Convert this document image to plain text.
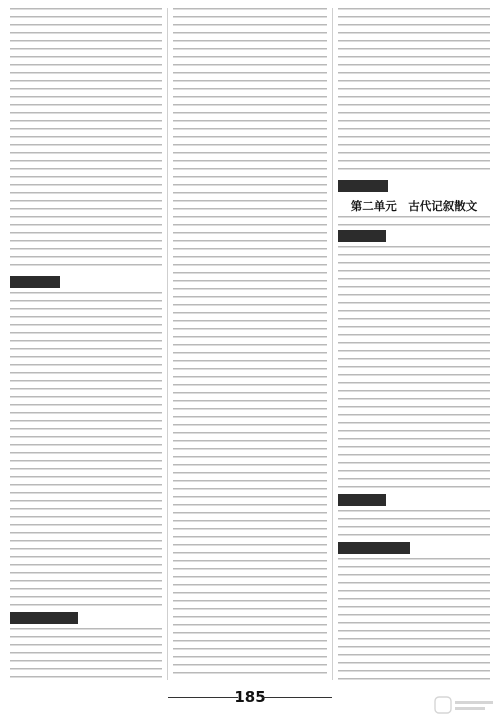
第二单元　古代记叙散文
185
